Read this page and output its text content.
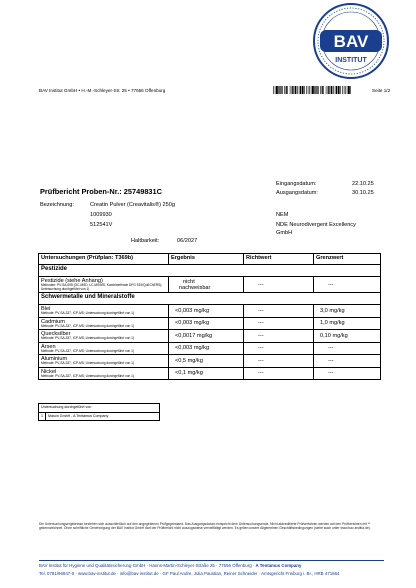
BAV
INSTITUT
BAV Institut GmbH • H.-M.-Schleyer-Str. 25 • 77656 Offenburg	Seite 1/2
Eingangsdatum:	22.10.25
Ausgangsdatum:	30.10.25
Prüfbericht Proben-Nr.: 25749831C
Bezeichnung:	Creatin Pulver (Creavitalis®) 250g
1009930
512541V
Haltbarkeit:	06/2027
NEM
NDE Neurodivergent Excellency
GmbH
Untersuchungen (Prüfplan: T369b)	Ergebnis	Richtwert	Grenzwert
Pestizide			
Pestizide (siehe Anhang)
Methoden: PV-SA-095 (GC-MSD, LC-MS/MS, Kombimethode DFG S19/QuEChERS);
Untersuchung durchgeführt von 1)	nicht
nachweisbar	---	---
Schwermetalle und Mineralstoffe			
Blei
Methode: PV-SA-337, ICP-MS; Untersuchung durchgeführt von 1)	<0,003 mg/kg	---	3,0 mg/kg
Cadmium
Methode: PV-SA-337, ICP-MS; Untersuchung durchgeführt von 1)	<0,003 mg/kg	---	1,0 mg/kg
Quecksilber
Methode: PV-SA-337, ICP-MS; Untersuchung durchgeführt von 1)	<0,0017 mg/kg	---	0,10 mg/kg
Arsen
Methode: PV-SA-337, ICP-MS; Untersuchung durchgeführt von 1)	<0,003 mg/kg	---	---
Aluminium
Methode: PV-SA-337, ICP-MS; Untersuchung durchgeführt von 1)	<0,5 mg/kg	---	---
Nickel
Methode: PV-SA-337, ICP-MS; Untersuchung durchgeführt von 1)	<0,1 mg/kg	---	---
Untersuchung durchgeführt von
1	Mason GmbH - A Tentamus Company
Die Untersuchungsergebnisse beziehen sich ausschließlich auf den angegebenen Prüfgegenstand. Das Ausgangsdatum entspricht dem Untersuchungsende. Nicht akkreditierte Prüfverfahren werden auf den Prüfberichten mit ** gekennzeichnet. Ohne schriftliche Genehmigung der BAV Institut GmbH darf der Prüfbericht nicht auszugsweise vervielfältigt werden. Es gelten unsere Allgemeinen Geschäftsbedingungen (siehe auch unter www.bav-institut.de).
BAV Institut für Hygiene und Qualitätssicherung GmbH · Hanns-Martin-Schleyer-Straße 25 · 77656 Offenburg · A Tentamus Company
Tel. 0781/96947-0 · www.bav-institut.de · info@bav-institut.de · GF Paul Andre, Julia Paustian, Reiner Schneider · Amtsgericht Freiburg i. Br., HRB 471864
